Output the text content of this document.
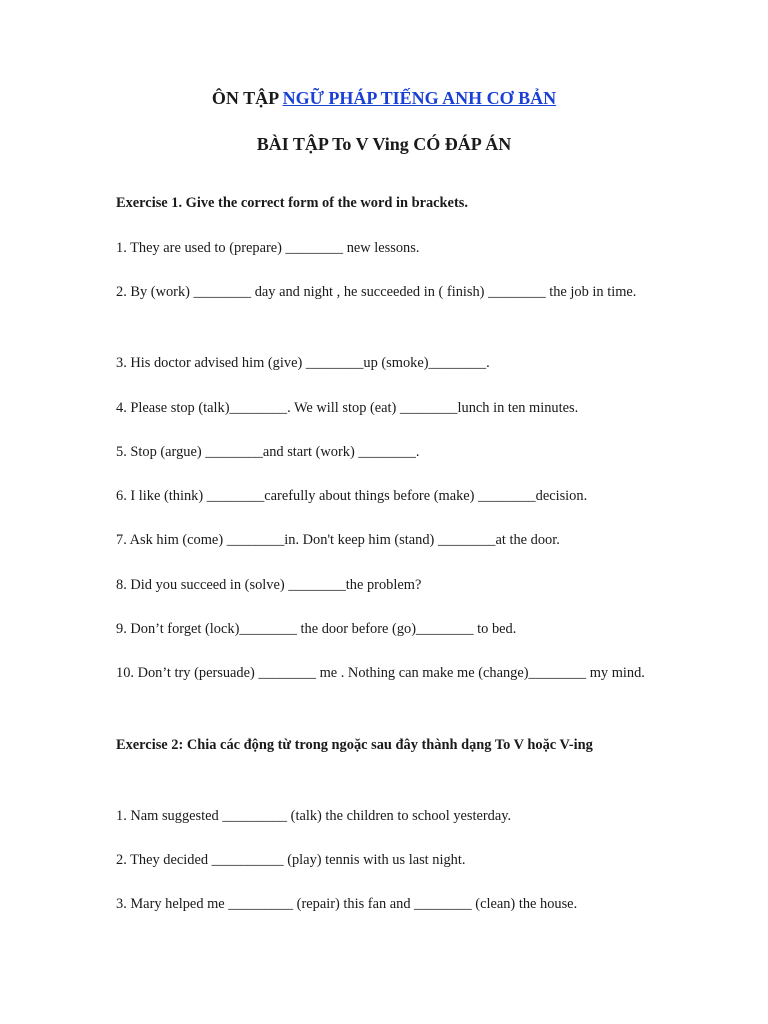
ÔN TẬP NGỮ PHÁP TIẾNG ANH CƠ BẢN
BÀI TẬP To V Ving CÓ ĐÁP ÁN
Exercise 1. Give the correct form of the word in brackets.
1. They are used to (prepare) ________ new lessons.
2. By (work) ________ day and night , he succeeded in ( finish) ________ the job in time.
3. His doctor advised him (give) ________up (smoke)________.
4. Please stop (talk)________. We will stop (eat) ________lunch in ten minutes.
5. Stop (argue) ________and start (work) ________.
6. I like (think) ________carefully about things before (make) ________decision.
7. Ask him (come) ________in. Don't keep him (stand) ________at the door.
8. Did you succeed in (solve) ________the problem?
9. Don’t forget (lock)________ the door before (go)________ to bed.
10. Don’t try (persuade) ________ me . Nothing can make me (change)________ my mind.
Exercise 2: Chia các động từ trong ngoặc sau đây thành dạng To V hoặc V-ing
1. Nam suggested _________ (talk) the children to school yesterday.
2. They decided __________ (play) tennis with us last night.
3. Mary helped me _________ (repair) this fan and ________ (clean) the house.
